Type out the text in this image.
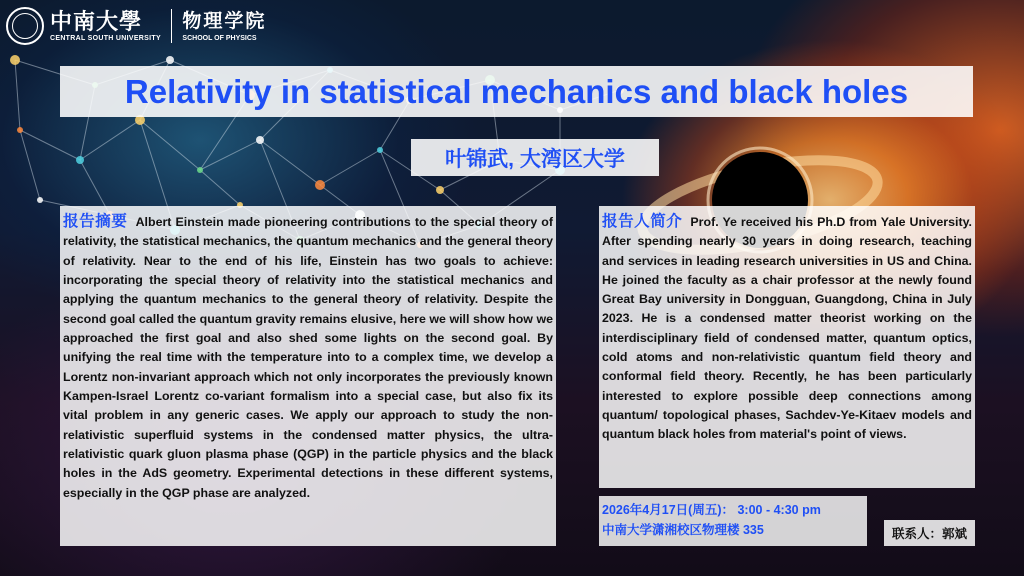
中南大學
CENTRAL SOUTH UNIVERSITY
物理学院
SCHOOL OF PHYSICS
Relativity in statistical mechanics and black holes
叶锦武, 大湾区大学

报告摘要 Albert Einstein made pioneering contributions to the special theory of relativity, the statistical mechanics, the quantum mechanics and the general theory of relativity. Near to the end of his life, Einstein has two goals to achieve: incorporating the special theory of relativity into the statistical mechanics and applying the quantum mechanics to the general theory of relativity. Despite the second goal called the quantum gravity remains elusive, here we will show how we approached the first goal and also shed some lights on the second goal. By unifying the real time with the temperature into to a complex time, we develop a Lorentz non-invariant approach which not only incorporates the previously known Kampen-Israel Lorentz co-variant formalism into a special case, but also fix its vital problem in any generic cases. We apply our approach to study the non-relativistic superfluid systems in the condensed matter physics, the ultra-relativistic quark gluon plasma phase (QGP) in the particle physics and the black holes in the AdS geometry. Experimental detections in these different systems, especially in the QGP phase are analyzed.

报告人简介 Prof. Ye received his Ph.D from Yale University. After spending nearly 30 years in doing research, teaching and services in leading research universities in US and China. He joined the faculty as a chair professor at the newly found Great Bay university in Dongguan, Guangdong, China in July 2023. He is a condensed matter theorist working on the interdisciplinary field of condensed matter, quantum optics, cold atoms and non-relativistic quantum field theory and conformal field theory. Recently, he has been particularly interested to explore possible deep connections among quantum/ topological phases, Sachdev-Ye-Kitaev models and quantum black holes from material's point of views.

2026年4月17日(周五)： 3:00 - 4:30 pm
中南大学潇湘校区物理楼 335	联系人：郭斌
